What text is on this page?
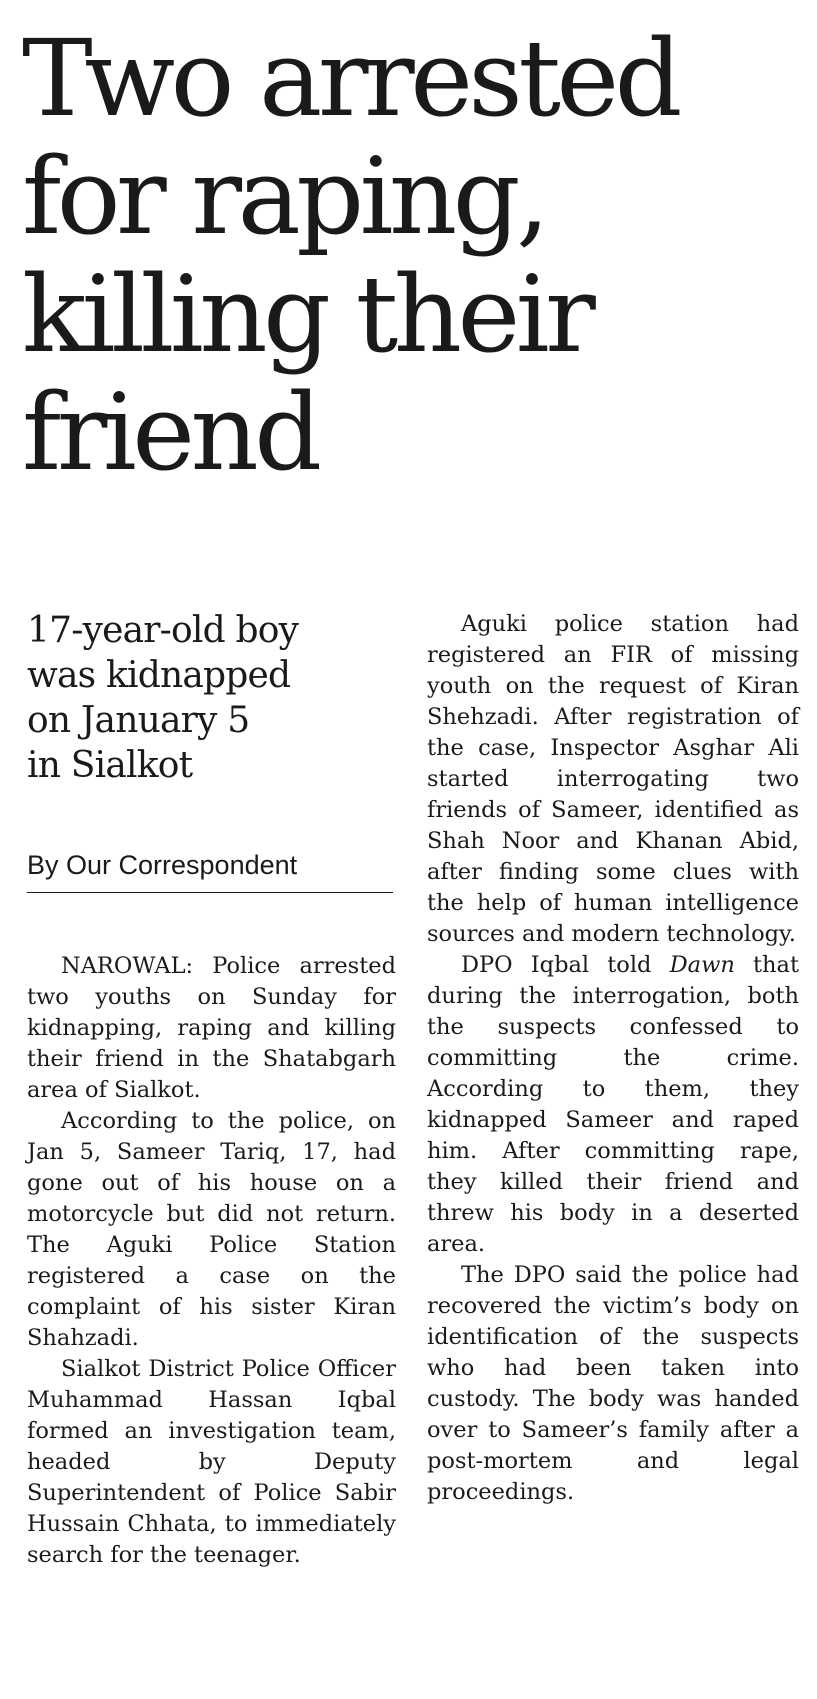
Two arrested
for raping,
killing their
friend
17-year-old boy
was kidnapped
on January 5
in Sialkot
By Our Correspondent

NAROWAL: Police arrested two youths on Sunday for kidnapping, raping and killing their friend in the Shatabgarh area of Sialkot.

According to the police, on Jan 5, Sameer Tariq, 17, had gone out of his house on a motorcycle but did not return. The Aguki Police Station registered a case on the complaint of his sister Kiran Shahzadi.

Sialkot District Police Officer Muhammad Hassan Iqbal formed an investigation team, headed by Deputy Superintendent of Police Sabir Hussain Chhata, to immediately search for the teenager.

Aguki police station had registered an FIR of missing youth on the request of Kiran Shehzadi. After registration of the case, Inspector Asghar Ali started interrogating two friends of Sameer, identified as Shah Noor and Khanan Abid, after finding some clues with the help of human intelligence sources and modern technology.

DPO Iqbal told Dawn that during the interrogation, both the suspects confessed to committing the crime. According to them, they kidnapped Sameer and raped him. After committing rape, they killed their friend and threw his body in a deserted area.

The DPO said the police had recovered the victim’s body on identification of the suspects who had been taken into custody. The body was handed over to Sameer’s family after a post-mortem and legal proceedings.
